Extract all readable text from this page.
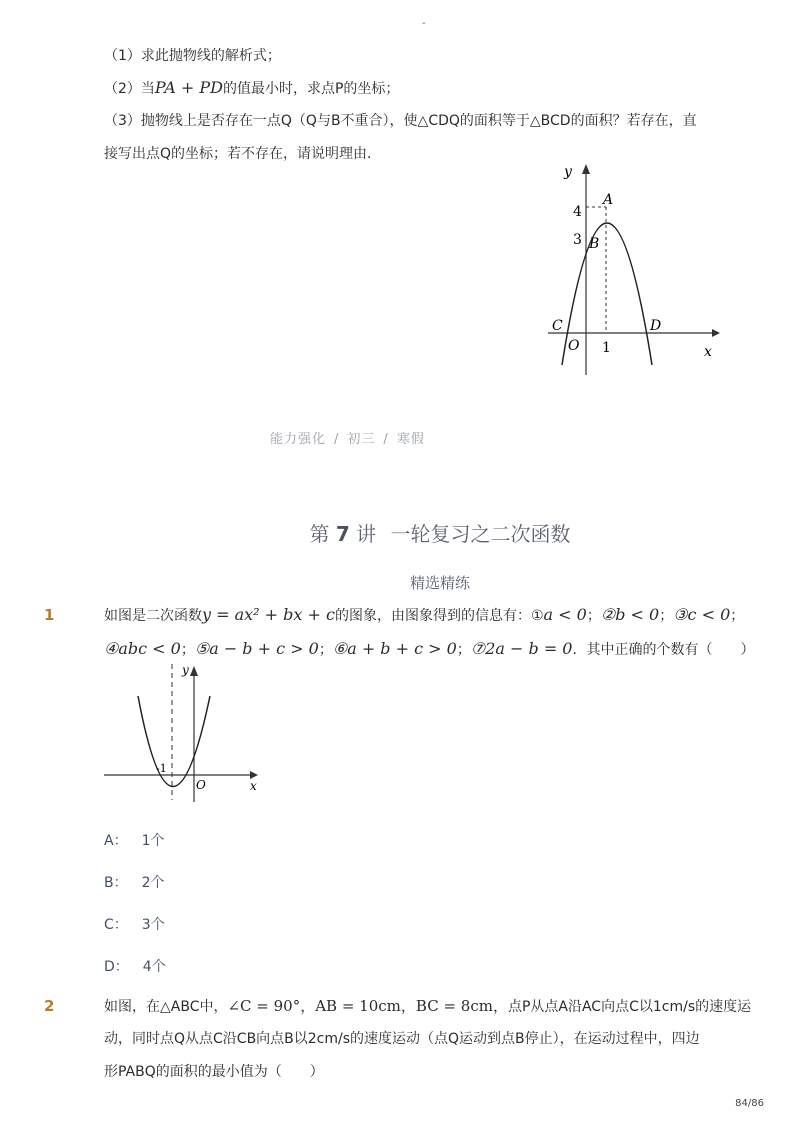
-
（1）求此抛物线的解析式；
（2）当PA + PD的值最小时，求点P的坐标；
（3）抛物线上是否存在一点Q（Q与B不重合），使△CDQ的面积等于△BCD的面积？若存在，直
接写出点Q的坐标；若不存在，请说明理由．
y
x
O
4
3
1
A
B
C	D
能力强化 / 初三 / 寒假
第 7 讲 一轮复习之二次函数
精选精练
1	如图是二次函数y = ax² + bx + c的图象，由图象得到的信息有：①a < 0；②b < 0；③c < 0；
④abc < 0；⑤a − b + c > 0；⑥a + b + c > 0；⑦2a − b = 0．其中正确的个数有（　　）
y
x
O
-1
A： 1个
B： 2个
C： 3个
D： 4个
2	如图，在△ABC中，∠C = 90°，AB = 10cm，BC = 8cm，点P从点A沿AC向点C以1cm/s的速度运
动，同时点Q从点C沿CB向点B以2cm/s的速度运动（点Q运动到点B停止），在运动过程中，四边
形PABQ的面积的最小值为（　　）
84/86
